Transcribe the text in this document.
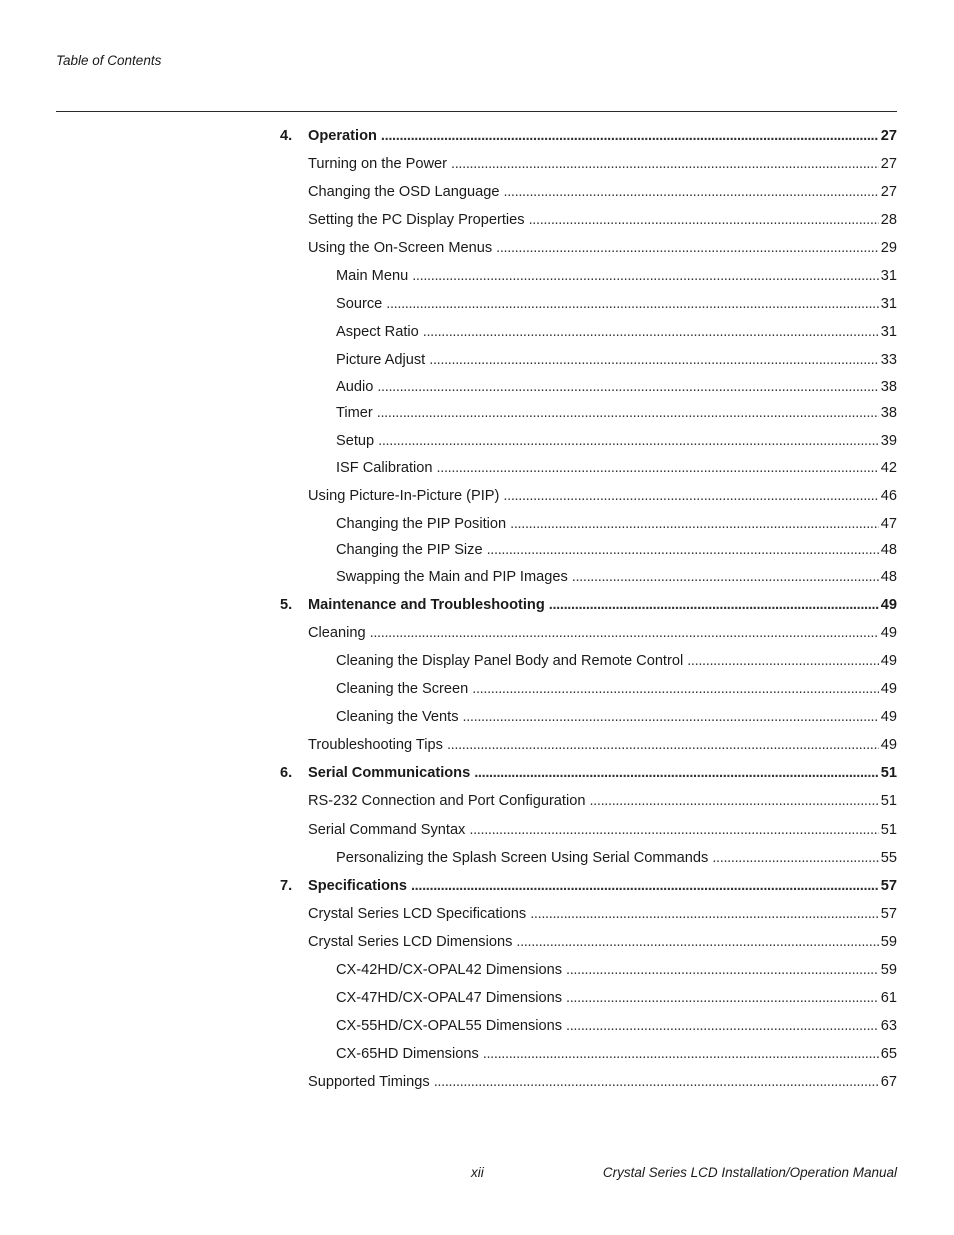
Table of Contents
4.	Operation . . .	27
Turning on the Power . . .	27
Changing the OSD Language . . .	27
Setting the PC Display Properties . . .	28
Using the On-Screen Menus . . .	29
Main Menu . . .	31
Source . . .	31
Aspect Ratio . . .	31
Picture Adjust . . .	33
Audio . . .	38
Timer . . .	38
Setup . . .	39
ISF Calibration . . .	42
Using Picture-In-Picture (PIP) . . .	46
Changing the PIP Position . . .	47
Changing the PIP Size . . .	48
Swapping the Main and PIP Images . . .	48
5.	Maintenance and Troubleshooting . . .	49
Cleaning . . .	49
Cleaning the Display Panel Body and Remote Control . . .	49
Cleaning the Screen . . .	49
Cleaning the Vents . . .	49
Troubleshooting Tips . . .	49
6.	Serial Communications . . .	51
RS-232 Connection and Port Configuration . . .	51
Serial Command Syntax . . .	51
Personalizing the Splash Screen Using Serial Commands . . .	55
7.	Specifications . . .	57
Crystal Series LCD Specifications . . .	57
Crystal Series LCD Dimensions . . .	59
CX-42HD/CX-OPAL42 Dimensions . . .	59
CX-47HD/CX-OPAL47 Dimensions . . .	61
CX-55HD/CX-OPAL55 Dimensions . . .	63
CX-65HD Dimensions . . .	65
Supported Timings . . .	67
xii	Crystal Series LCD Installation/Operation Manual
